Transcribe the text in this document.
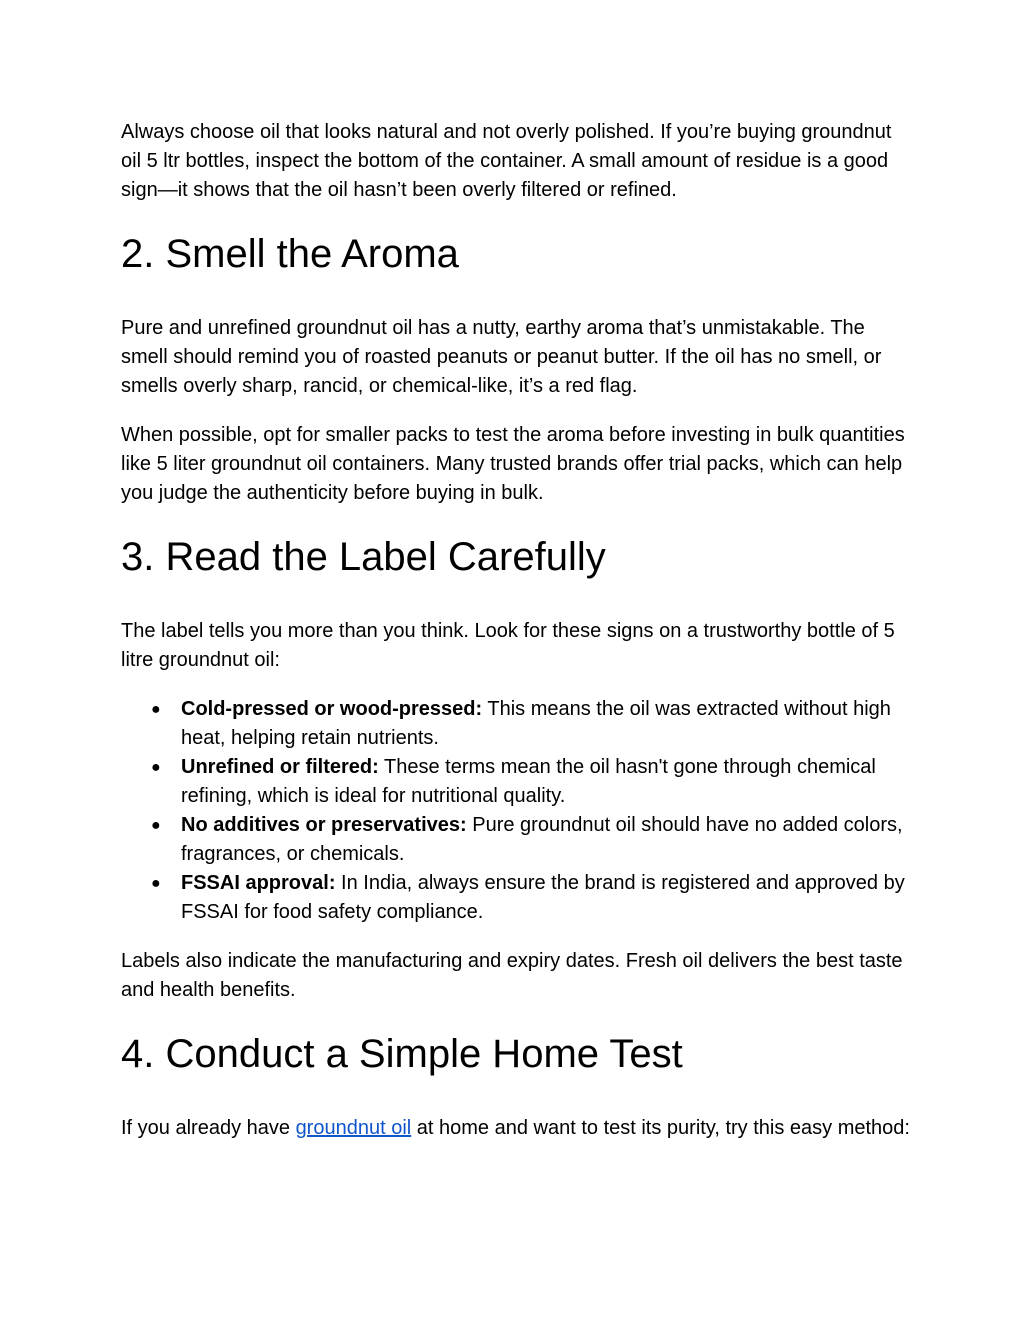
Always choose oil that looks natural and not overly polished. If you’re buying groundnut oil 5 ltr bottles, inspect the bottom of the container. A small amount of residue is a good sign—it shows that the oil hasn’t been overly filtered or refined.

2. Smell the Aroma

Pure and unrefined groundnut oil has a nutty, earthy aroma that’s unmistakable. The smell should remind you of roasted peanuts or peanut butter. If the oil has no smell, or smells overly sharp, rancid, or chemical-like, it’s a red flag.

When possible, opt for smaller packs to test the aroma before investing in bulk quantities like 5 liter groundnut oil containers. Many trusted brands offer trial packs, which can help you judge the authenticity before buying in bulk.

3. Read the Label Carefully

The label tells you more than you think. Look for these signs on a trustworthy bottle of 5 litre groundnut oil:

● Cold-pressed or wood-pressed: This means the oil was extracted without high heat, helping retain nutrients.
● Unrefined or filtered: These terms mean the oil hasn't gone through chemical refining, which is ideal for nutritional quality.
● No additives or preservatives: Pure groundnut oil should have no added colors, fragrances, or chemicals.
● FSSAI approval: In India, always ensure the brand is registered and approved by FSSAI for food safety compliance.

Labels also indicate the manufacturing and expiry dates. Fresh oil delivers the best taste and health benefits.

4. Conduct a Simple Home Test

If you already have groundnut oil at home and want to test its purity, try this easy method:
